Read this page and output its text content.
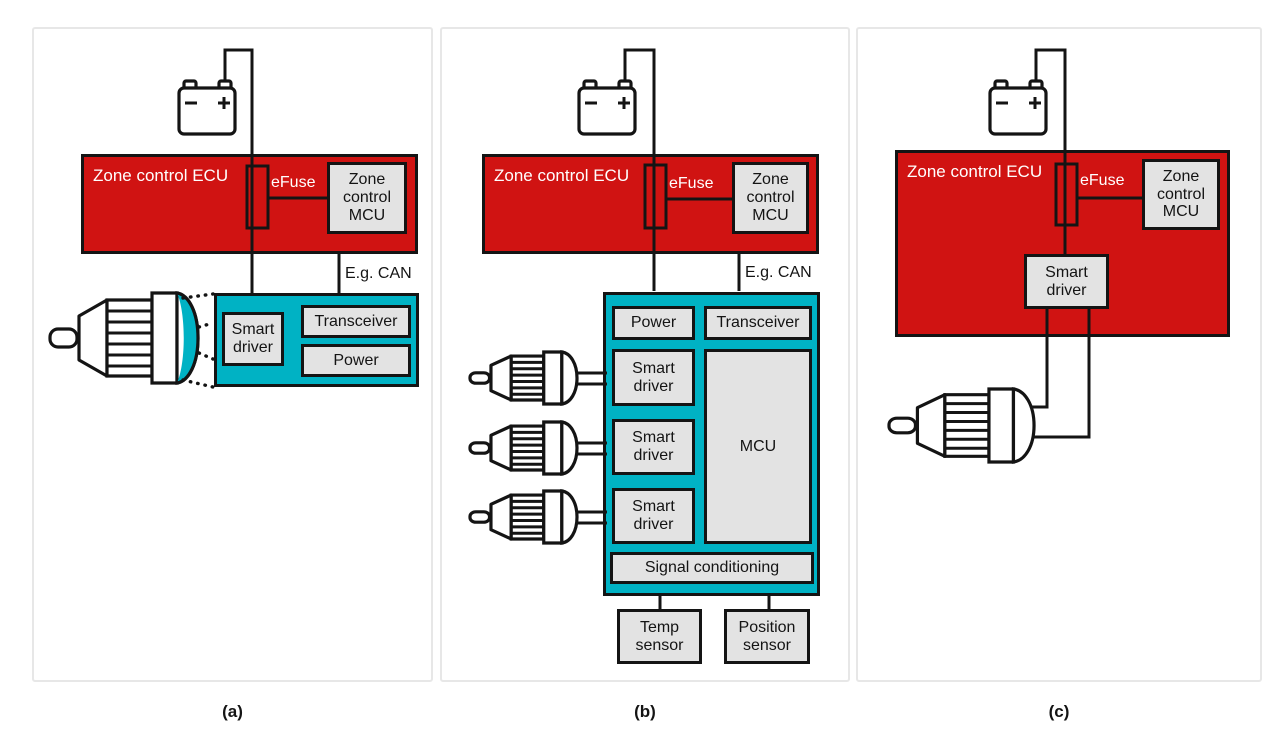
Zone control ECU	eFuse
E.g. CAN
Zone control MCU
Smart driver
Transceiver
Power
Zone control ECU eFuse
E.g. CAN
Zone control MCU
Power	Transceiver
Smart driver
Smart driver
Smart driver
MCU
Signal conditioning
Temp sensor
Position sensor
Zone control ECU eFuse	Zone control MCU
Smart driver
(a)	(b)	(c)
